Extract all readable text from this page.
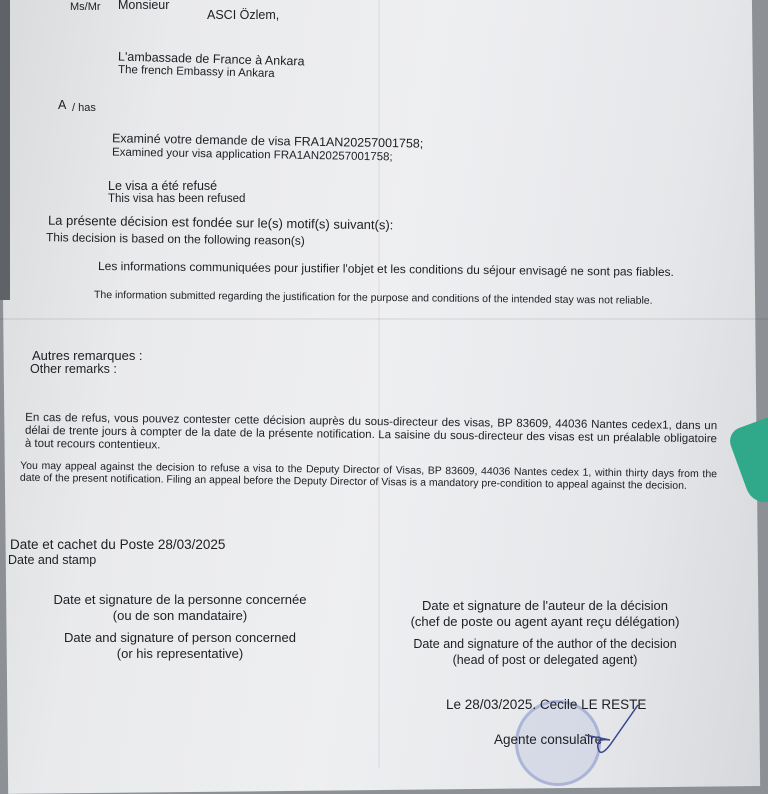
Monsieur
Ms/Mr
ASCI Özlem,
L'ambassade de France à Ankara
The french Embassy in Ankara
A / has
Examiné votre demande de visa FRA1AN20257001758;
Examined your visa application FRA1AN20257001758;
Le visa a été refusé
This visa has been refused
La présente décision est fondée sur le(s) motif(s) suivant(s):
This decision is based on the following reason(s)
Les informations communiquées pour justifier l'objet et les conditions du séjour envisagé ne sont pas fiables.
The information submitted regarding the justification for the purpose and conditions of the intended stay was not reliable.
Autres remarques :
Other remarks :
En cas de refus, vous pouvez contester cette décision auprès du sous-directeur des visas, BP 83609, 44036 Nantes cedex1, dans un délai de trente jours à compter de la date de la présente notification. La saisine du sous-directeur des visas est un préalable obligatoire à tout recours contentieux.
You may appeal against the decision to refuse a visa to the Deputy Director of Visas, BP 83609, 44036 Nantes cedex 1, within thirty days from the date of the present notification. Filing an appeal before the Deputy Director of Visas is a mandatory pre-condition to appeal against the decision.
Date et cachet du Poste 28/03/2025
Date and stamp
Date et signature de la personne concernée
(ou de son mandataire)
Date and signature of person concerned
(or his representative)
Date et signature de l'auteur de la décision
(chef de poste ou agent ayant reçu délégation)
Date and signature of the author of the decision
(head of post or delegated agent)
Le 28/03/2025. Cecile LE RESTE
Agente consulaire
